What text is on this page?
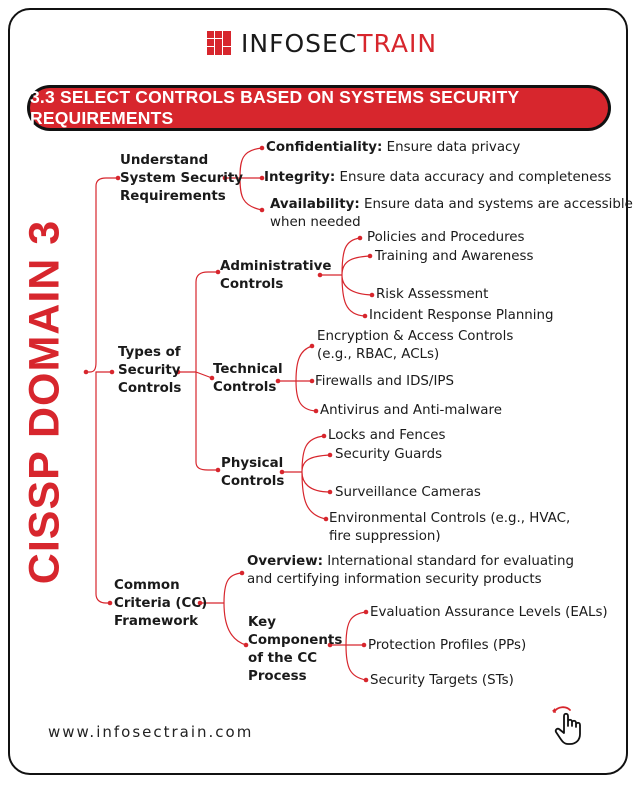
INFOSECTRAIN
3.3 SELECT CONTROLS BASED ON SYSTEMS SECURITY REQUIREMENTS
CISSP DOMAIN 3
Understand
System Security
Requirements
Confidentiality: Ensure data privacy
Integrity: Ensure data accuracy and completeness
Availability: Ensure data and systems are accessible
when needed
Types of
Security
Controls
Administrative
Controls
Policies and Procedures
Training and Awareness
Risk Assessment
Incident Response Planning
Technical
Controls
Encryption & Access Controls
(e.g., RBAC, ACLs)
Firewalls and IDS/IPS
Antivirus and Anti-malware
Physical
Controls
Locks and Fences
Security Guards
Surveillance Cameras
Environmental Controls (e.g., HVAC,
fire suppression)
Common
Criteria (CC)
Framework
Overview: International standard for evaluating
and certifying information security products
Key
Components
of the CC
Process
Evaluation Assurance Levels (EALs)
Protection Profiles (PPs)
Security Targets (STs)
www.infosectrain.com
